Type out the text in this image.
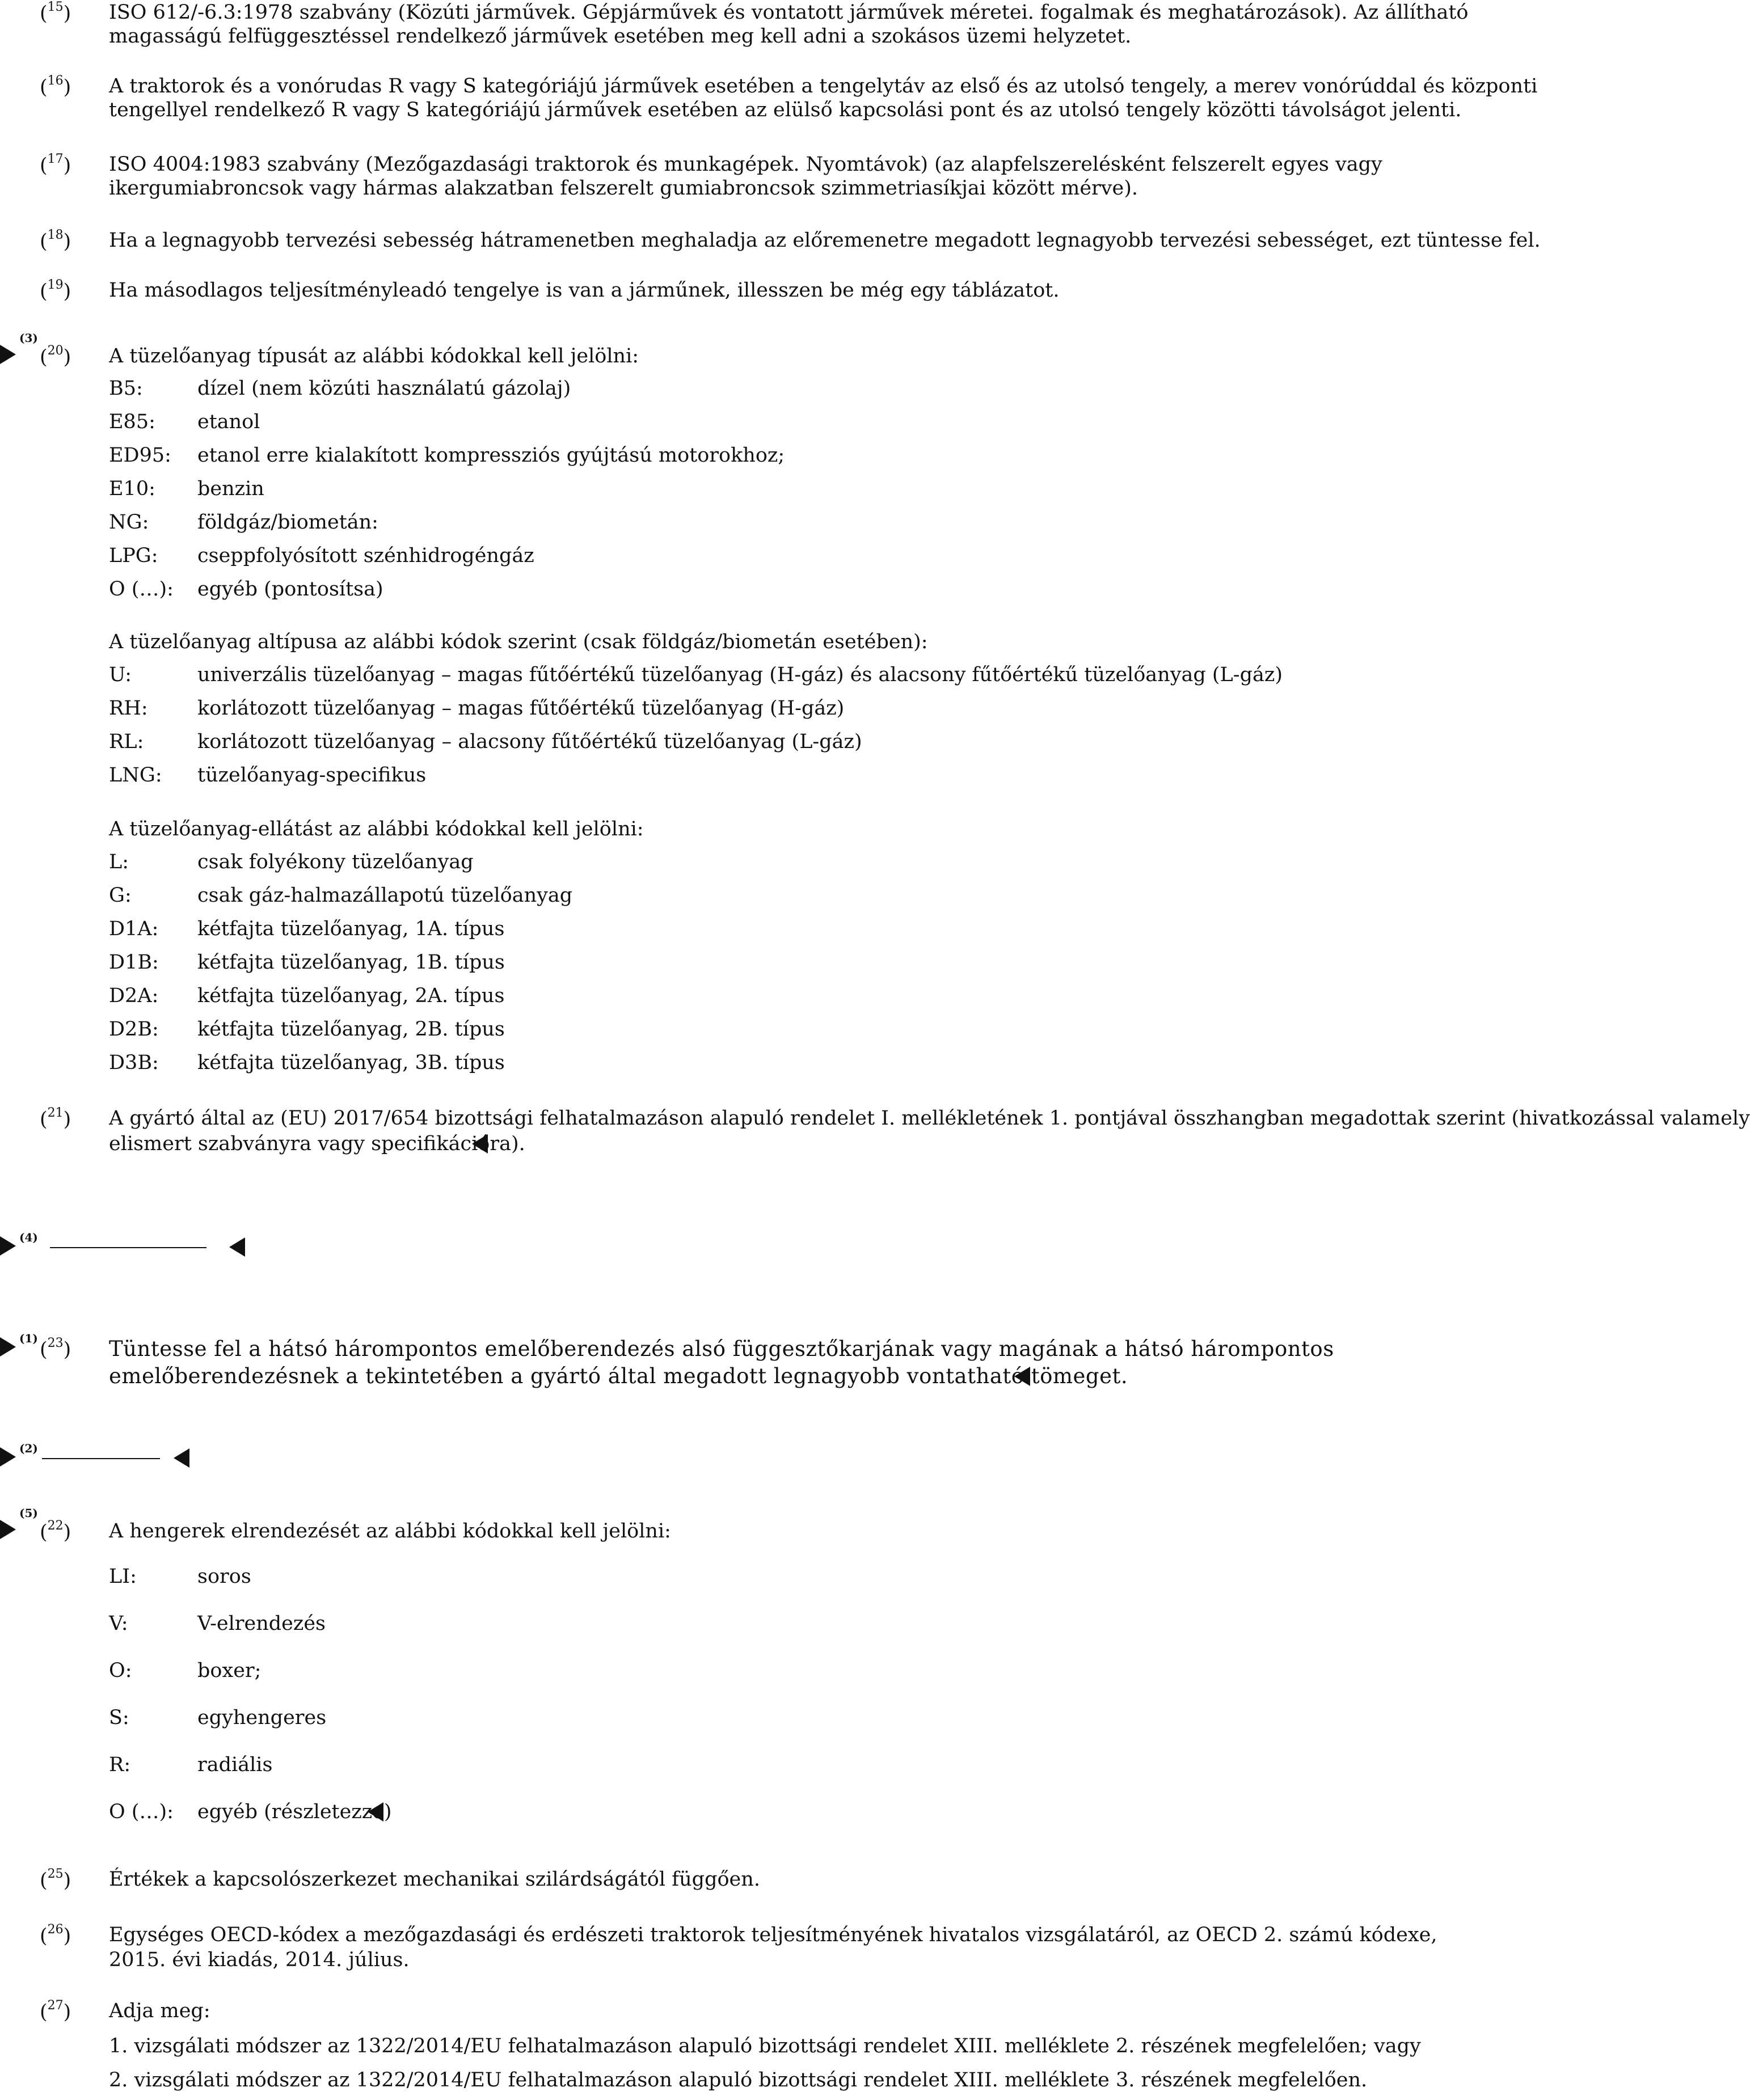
($^{15}$) ISO 612/-6.3:1978 szabvány (Közúti járművek. Gépjárművek és vontatott járművek méretei. fogalmak és meghatározások). Az állítható
magasságú felfüggesztéssel rendelkező járművek esetében meg kell adni a szokásos üzemi helyzetet.
($^{16}$) A traktorok és a vonórudas R vagy S kategóriájú járművek esetében a tengelytáv az első és az utolsó tengely, a merev vonórúddal és központi
tengellyel rendelkező R vagy S kategóriájú járművek esetében az elülső kapcsolási pont és az utolsó tengely közötti távolságot jelenti.
($^{17}$) ISO 4004:1983 szabvány (Mezőgazdasági traktorok és munkagépek. Nyomtávok) (az alapfelszerelésként felszerelt egyes vagy
ikergumiabroncsok vagy hármas alakzatban felszerelt gumiabroncsok szimmetriasíkjai között mérve).
($^{18}$) Ha a legnagyobb tervezési sebesség hátramenetben meghaladja az előremenetre megadott legnagyobb tervezési sebességet, ezt tüntesse fel.
($^{19}$) Ha másodlagos teljesítményleadó tengelye is van a járműnek, illesszen be még egy táblázatot.
(3)
($^{20}$) A tüzelőanyag típusát az alábbi kódokkal kell jelölni:
B5:	dízel (nem közúti használatú gázolaj)
E85: etanol
ED95: etanol erre kialakított kompressziós gyújtású motorokhoz;
E10: benzin
NG: földgáz/biometán:
LPG: cseppfolyósított szénhidrogéngáz
O (…): egyéb (pontosítsa)
A tüzelőanyag altípusa az alábbi kódok szerint (csak földgáz/biometán esetében):
U:	univerzális tüzelőanyag – magas fűtőértékű tüzelőanyag (H-gáz) és alacsony fűtőértékű tüzelőanyag (L-gáz)
RH: korlátozott tüzelőanyag – magas fűtőértékű tüzelőanyag (H-gáz)
RL:	korlátozott tüzelőanyag – alacsony fűtőértékű tüzelőanyag (L-gáz)
LNG: tüzelőanyag-specifikus
A tüzelőanyag-ellátást az alábbi kódokkal kell jelölni:
L:	csak folyékony tüzelőanyag
G:	csak gáz-halmazállapotú tüzelőanyag
D1A: kétfajta tüzelőanyag, 1A. típus
D1B: kétfajta tüzelőanyag, 1B. típus
D2A: kétfajta tüzelőanyag, 2A. típus
D2B: kétfajta tüzelőanyag, 2B. típus
D3B: kétfajta tüzelőanyag, 3B. típus
($^{21}$) A gyártó által az (EU) 2017/654 bizottsági felhatalmazáson alapuló rendelet I. mellékletének 1. pontjával összhangban megadottak szerint (hivatkozással valamely
elismert szabványra vagy specifikációra).
(4)
(1) ($^{23}$) Tüntesse fel a hátsó hárompontos emelőberendezés alsó függesztőkarjának vagy magának a hátsó hárompontos
emelőberendezésnek a tekintetében a gyártó által megadott legnagyobb vontatható tömeget.
(2)
(5)
($^{22}$) A hengerek elrendezését az alábbi kódokkal kell jelölni:
LI:	soros
V:	V-elrendezés
O:	boxer;
S:	egyhengeres
R:	radiális
O (…): egyéb (részletezze)
($^{25}$) Értékek a kapcsolószerkezet mechanikai szilárdságától függően.
($^{26}$) Egységes OECD-kódex a mezőgazdasági és erdészeti traktorok teljesítményének hivatalos vizsgálatáról, az OECD 2. számú kódexe,
2015. évi kiadás, 2014. július.
($^{27}$) Adja meg:
1. vizsgálati módszer az 1322/2014/EU felhatalmazáson alapuló bizottsági rendelet XIII. melléklete 2. részének megfelelően; vagy
2. vizsgálati módszer az 1322/2014/EU felhatalmazáson alapuló bizottsági rendelet XIII. melléklete 3. részének megfelelően.
